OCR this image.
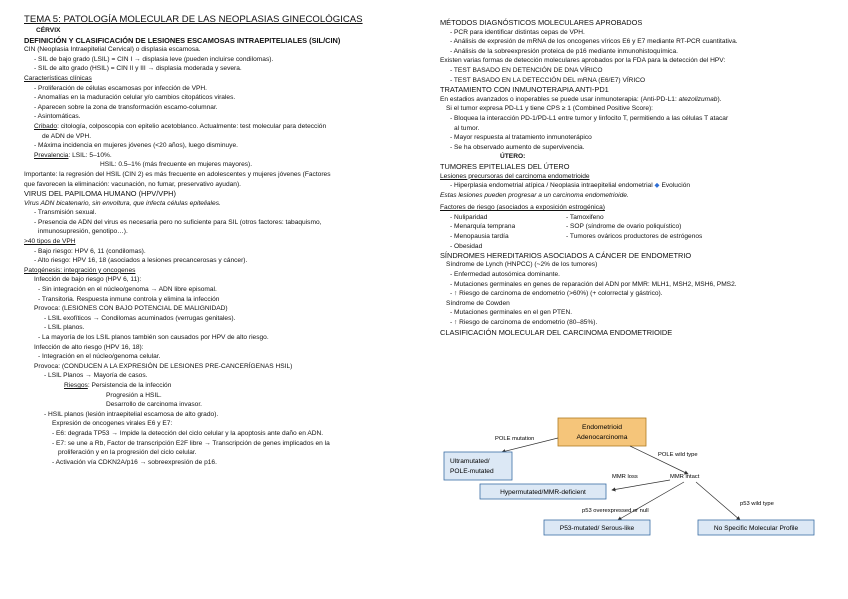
TEMA 5: PATOLOGÍA MOLECULAR DE LAS NEOPLASIAS GINECOLÓGICAS
CÉRVIX
DEFINICIÓN Y CLASIFICACIÓN DE LESIONES ESCAMOSAS INTRAEPITELIALES (SIL/CIN)
CIN (Neoplasia Intraepitelial Cervical) o displasia escamosa.
- SIL de bajo grado (LSIL) = CIN I → displasia leve (pueden incluirse condilomas).
- SIL de alto grado (HSIL) = CIN II y III → displasia moderada y severa.
Características clínicas
- Proliferación de células escamosas por infección de VPH.
- Anomalías en la maduración celular y/o cambios citopáticos virales.
- Aparecen sobre la zona de transformación escamo-columnar.
- Asintomáticas.
Cribado: citología, colposcopia con epitelio acetoblanco. Actualmente: test molecular para detección
de ADN de VPH.
- Máxima incidencia en mujeres jóvenes (<20 años), luego disminuye.
Prevalencia: LSIL: 5–10%.
HSIL: 0.5–1% (más frecuente en mujeres mayores).
Importante: la regresión del HSIL (CIN 2) es más frecuente en adolescentes y mujeres jóvenes (Factores
que favorecen la eliminación: vacunación, no fumar, preservativo ayudan).
VIRUS DEL PAPILOMA HUMANO (HPV/VPH)
Virus ADN bicatenario, sin envoltura, que infecta células epiteliales.
- Transmisión sexual.
- Presencia de ADN del virus es necesaria pero no suficiente para SIL (otros factores: tabaquismo,
inmunosupresión, genotipo…).
>40 tipos de VPH
- Bajo riesgo: HPV 6, 11 (condilomas).
- Alto riesgo: HPV 16, 18 (asociados a lesiones precancerosas y cáncer).
Patogénesis: integración y oncogenes
Infección de bajo riesgo (HPV 6, 11):
- Sin integración en el núcleo/genoma → ADN libre episomal.
- Transitoria. Respuesta inmune controla y elimina la infección
Provoca: (LESIONES CON BAJO POTENCIAL DE MALIGNIDAD)
- LSIL exofíticos → Condilomas acuminados (verrugas genitales).
- LSIL planos.
- La mayoría de los LSIL planos también son causados por HPV de alto riesgo.
Infección de alto riesgo (HPV 16, 18):
- Integración en el núcleo/genoma celular.
Provoca: (CONDUCEN A LA EXPRESIÓN DE LESIONES PRE-CANCERÍGENAS HSIL)
- LSIL Planos → Mayoría de casos.
Riesgos: Persistencia de la infección
Progresión a HSIL.
Desarrollo de carcinoma invasor.
- HSIL planos (lesión intraepitelial escamosa de alto grado).
Expresión de oncogenes virales E6 y E7:
- E6: degrada TP53 → Impide la detección del ciclo celular y la apoptosis ante daño en ADN.
- E7: se une a Rb, Factor de transcripción E2F libre → Transcripción de genes implicados en la
proliferación y en la progresión del ciclo celular.
- Activación vía CDKN2A/p16 → sobreexpresión de p16.
MÉTODOS DIAGNÓSTICOS MOLECULARES APROBADOS
- PCR para identificar distintas cepas de VPH.
- Análisis de expresión de mRNA de los oncogenes víricos E6 y E7 mediante RT-PCR cuantitativa.
- Análisis de la sobreexpresión proteica de p16 mediante inmunohistoquímica.
Existen varias formas de detección moleculares aprobados por la FDA para la detección del HPV:
- TEST BASADO EN DETENCIÓN DE DNA VÍRICO
- TEST BASADO EN LA DETECCIÓN DEL mRNA (E6/E7) VÍRICO
TRATAMIENTO CON INMUNOTERAPIA ANTI-PD1
En estadios avanzados o inoperables se puede usar inmunoterapia: (Anti-PD-L1: atezolizumab).
Si el tumor expresa PD-L1 y tiene CPS ≥ 1 (Combined Positive Score):
- Bloquea la interacción PD-1/PD-L1 entre tumor y linfocito T, permitiendo a las células T atacar
al tumor.
- Mayor respuesta al tratamiento inmunoterápico
- Se ha observado aumento de supervivencia.
ÚTERO:
TUMORES EPITELIALES DEL ÚTERO
Lesiones precursoras del carcinoma endometrioide
- Hiperplasia endometrial atípica / Neoplasia intraepitelial endometrial ◆ Evolución
Estas lesiones pueden progresar a un carcinoma endometrioide.
Factores de riesgo (asociados a exposición estrogénica)
- Nuliparidad
- Menarquía temprana
- Menopausia tardía
- Obesidad
- Tamoxifeno
- SOP (síndrome de ovario poliquístico)
- Tumores ováricos productores de estrógenos
SÍNDROMES HEREDITARIOS ASOCIADOS A CÁNCER DE ENDOMETRIO
Síndrome de Lynch (HNPCC) (~2% de los tumores)
- Enfermedad autosómica dominante.
- Mutaciones germinales en genes de reparación del ADN por MMR: MLH1, MSH2, MSH6, PMS2.
- ↑ Riesgo de carcinoma de endometrio (>60%) (+ colorrectal y gástrico).
Síndrome de Cowden
- Mutaciones germinales en el gen PTEN.
- ↑ Riesgo de carcinoma de endometrio (80–85%).
CLASIFICACIÓN MOLECULAR DEL CARCINOMA ENDOMETRIOIDE
Endometrioid
Adenocarcinoma
POLE mutation
POLE wild type
MMR intact
MMR loss
p53 overexpressed or null
p53 wild type
Ultramutated/
POLE-mutated
Hypermutated/MMR-deficient
P53-mutated/ Serous-like	No Specific Molecular Profile
